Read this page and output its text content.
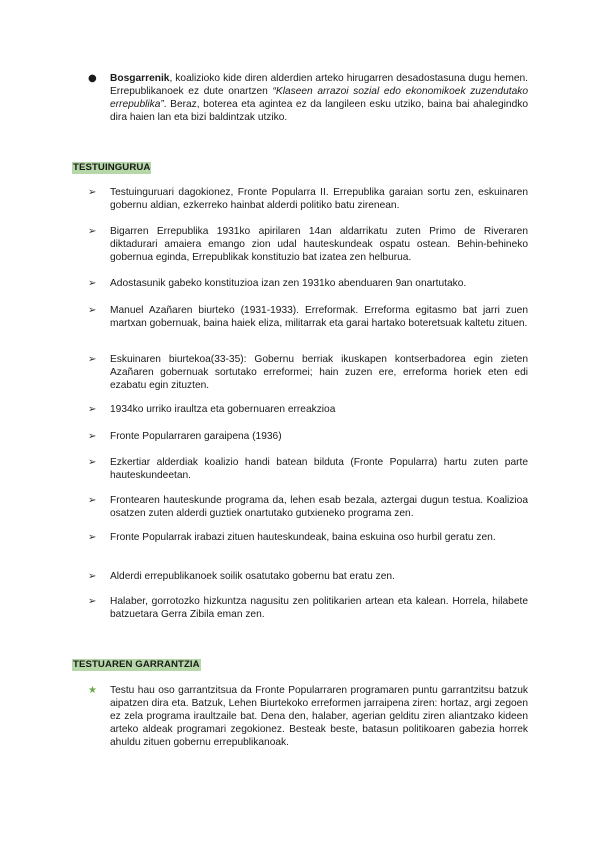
● Bosgarrenik, koalizioko kide diren alderdien arteko hirugarren desadostasuna dugu hemen. Errepublikanoek ez dute onartzen “Klaseen arrazoi sozial edo ekonomikoek zuzendutako errepublika”. Beraz, boterea eta agintea ez da langileen esku utziko, baina bai ahalegindko dira haien lan eta bizi baldintzak utziko.
TESTUINGURUA
➢ Testuinguruari dagokionez, Fronte Popularra II. Errepublika garaian sortu zen, eskuinaren gobernu aldian, ezkerreko hainbat alderdi politiko batu zirenean.
➢ Bigarren Errepublika 1931ko apirilaren 14an aldarrikatu zuten Primo de Riveraren diktadurari amaiera emango zion udal hauteskundeak ospatu ostean. Behin-behineko gobernua eginda, Errepublikak konstituzio bat izatea zen helburua.
➢ Adostasunik gabeko konstituzioa izan zen 1931ko abenduaren 9an onartutako.
➢ Manuel Azañaren biurteko (1931-1933). Erreformak. Erreforma egitasmo bat jarri zuen martxan gobernuak, baina haiek eliza, militarrak eta garai hartako boteretsuak kaltetu zituen.
➢ Eskuinaren biurtekoa(33-35): Gobernu berriak ikuskapen kontserbadorea egin zieten Azañaren gobernuak sortutako erreformei; hain zuzen ere, erreforma horiek eten edi ezabatu egin zituzten.
➢ 1934ko urriko iraultza eta gobernuaren erreakzioa
➢ Fronte Popularraren garaipena (1936)
➢ Ezkertiar alderdiak koalizio handi batean bilduta (Fronte Popularra) hartu zuten parte hauteskundeetan.
➢ Frontearen hauteskunde programa da, lehen esab bezala, aztergai dugun testua. Koalizioa osatzen zuten alderdi guztiek onartutako gutxieneko programa zen.
➢ Fronte Popularrak irabazi zituen hauteskundeak, baina eskuina oso hurbil geratu zen.
➢ Alderdi errepublikanoek soilik osatutako gobernu bat eratu zen.
➢ Halaber, gorrotozko hizkuntza nagusitu zen politikarien artean eta kalean. Horrela, hilabete batzuetara Gerra Zibila eman zen.
TESTUAREN GARRANTZIA
★ Testu hau oso garrantzitsua da Fronte Popularraren programaren puntu garrantzitsu batzuk aipatzen dira eta. Batzuk, Lehen Biurtekoko erreformen jarraipena ziren: hortaz, argi zegoen ez zela programa iraultzaile bat. Dena den, halaber, agerian gelditu ziren aliantzako kideen arteko aldeak programari zegokionez. Besteak beste, batasun politikoaren gabezia horrek ahuldu zituen gobernu errepublikanoak.
